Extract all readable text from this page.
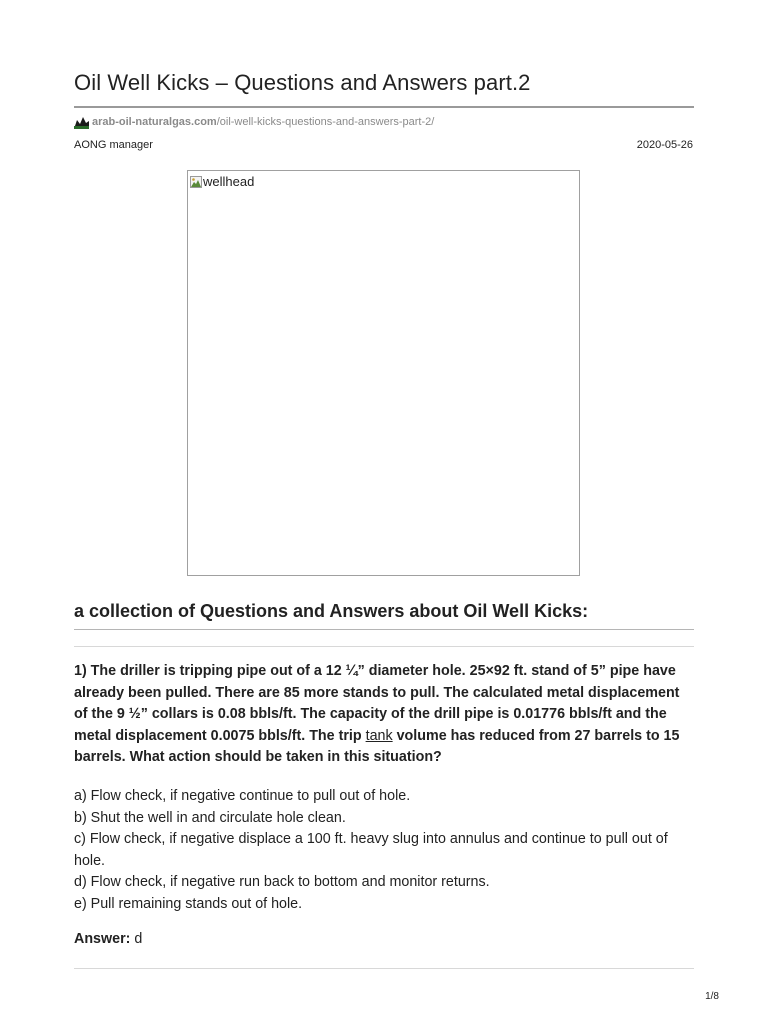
Oil Well Kicks – Questions and Answers part.2
arab-oil-naturalgas.com /oil-well-kicks-questions-and-answers-part-2/
AONG manager	2020-05-26
wellhead
a collection of Questions and Answers about Oil Well Kicks:

1) The driller is tripping pipe out of a 12 ¼” diameter hole. 25×92 ft. stand of 5” pipe have already been pulled. There are 85 more stands to pull. The calculated metal displacement of the 9 ½” collars is 0.08 bbls/ft. The capacity of the drill pipe is 0.01776 bbls/ft and the metal displacement 0.0075 bbls/ft. The trip tank volume has reduced from 27 barrels to 15 barrels. What action should be taken in this situation?

a) Flow check, if negative continue to pull out of hole.
b) Shut the well in and circulate hole clean.
c) Flow check, if negative displace a 100 ft. heavy slug into annulus and continue to pull out of hole.
d) Flow check, if negative run back to bottom and monitor returns.
e) Pull remaining stands out of hole.

Answer: d

1/8
